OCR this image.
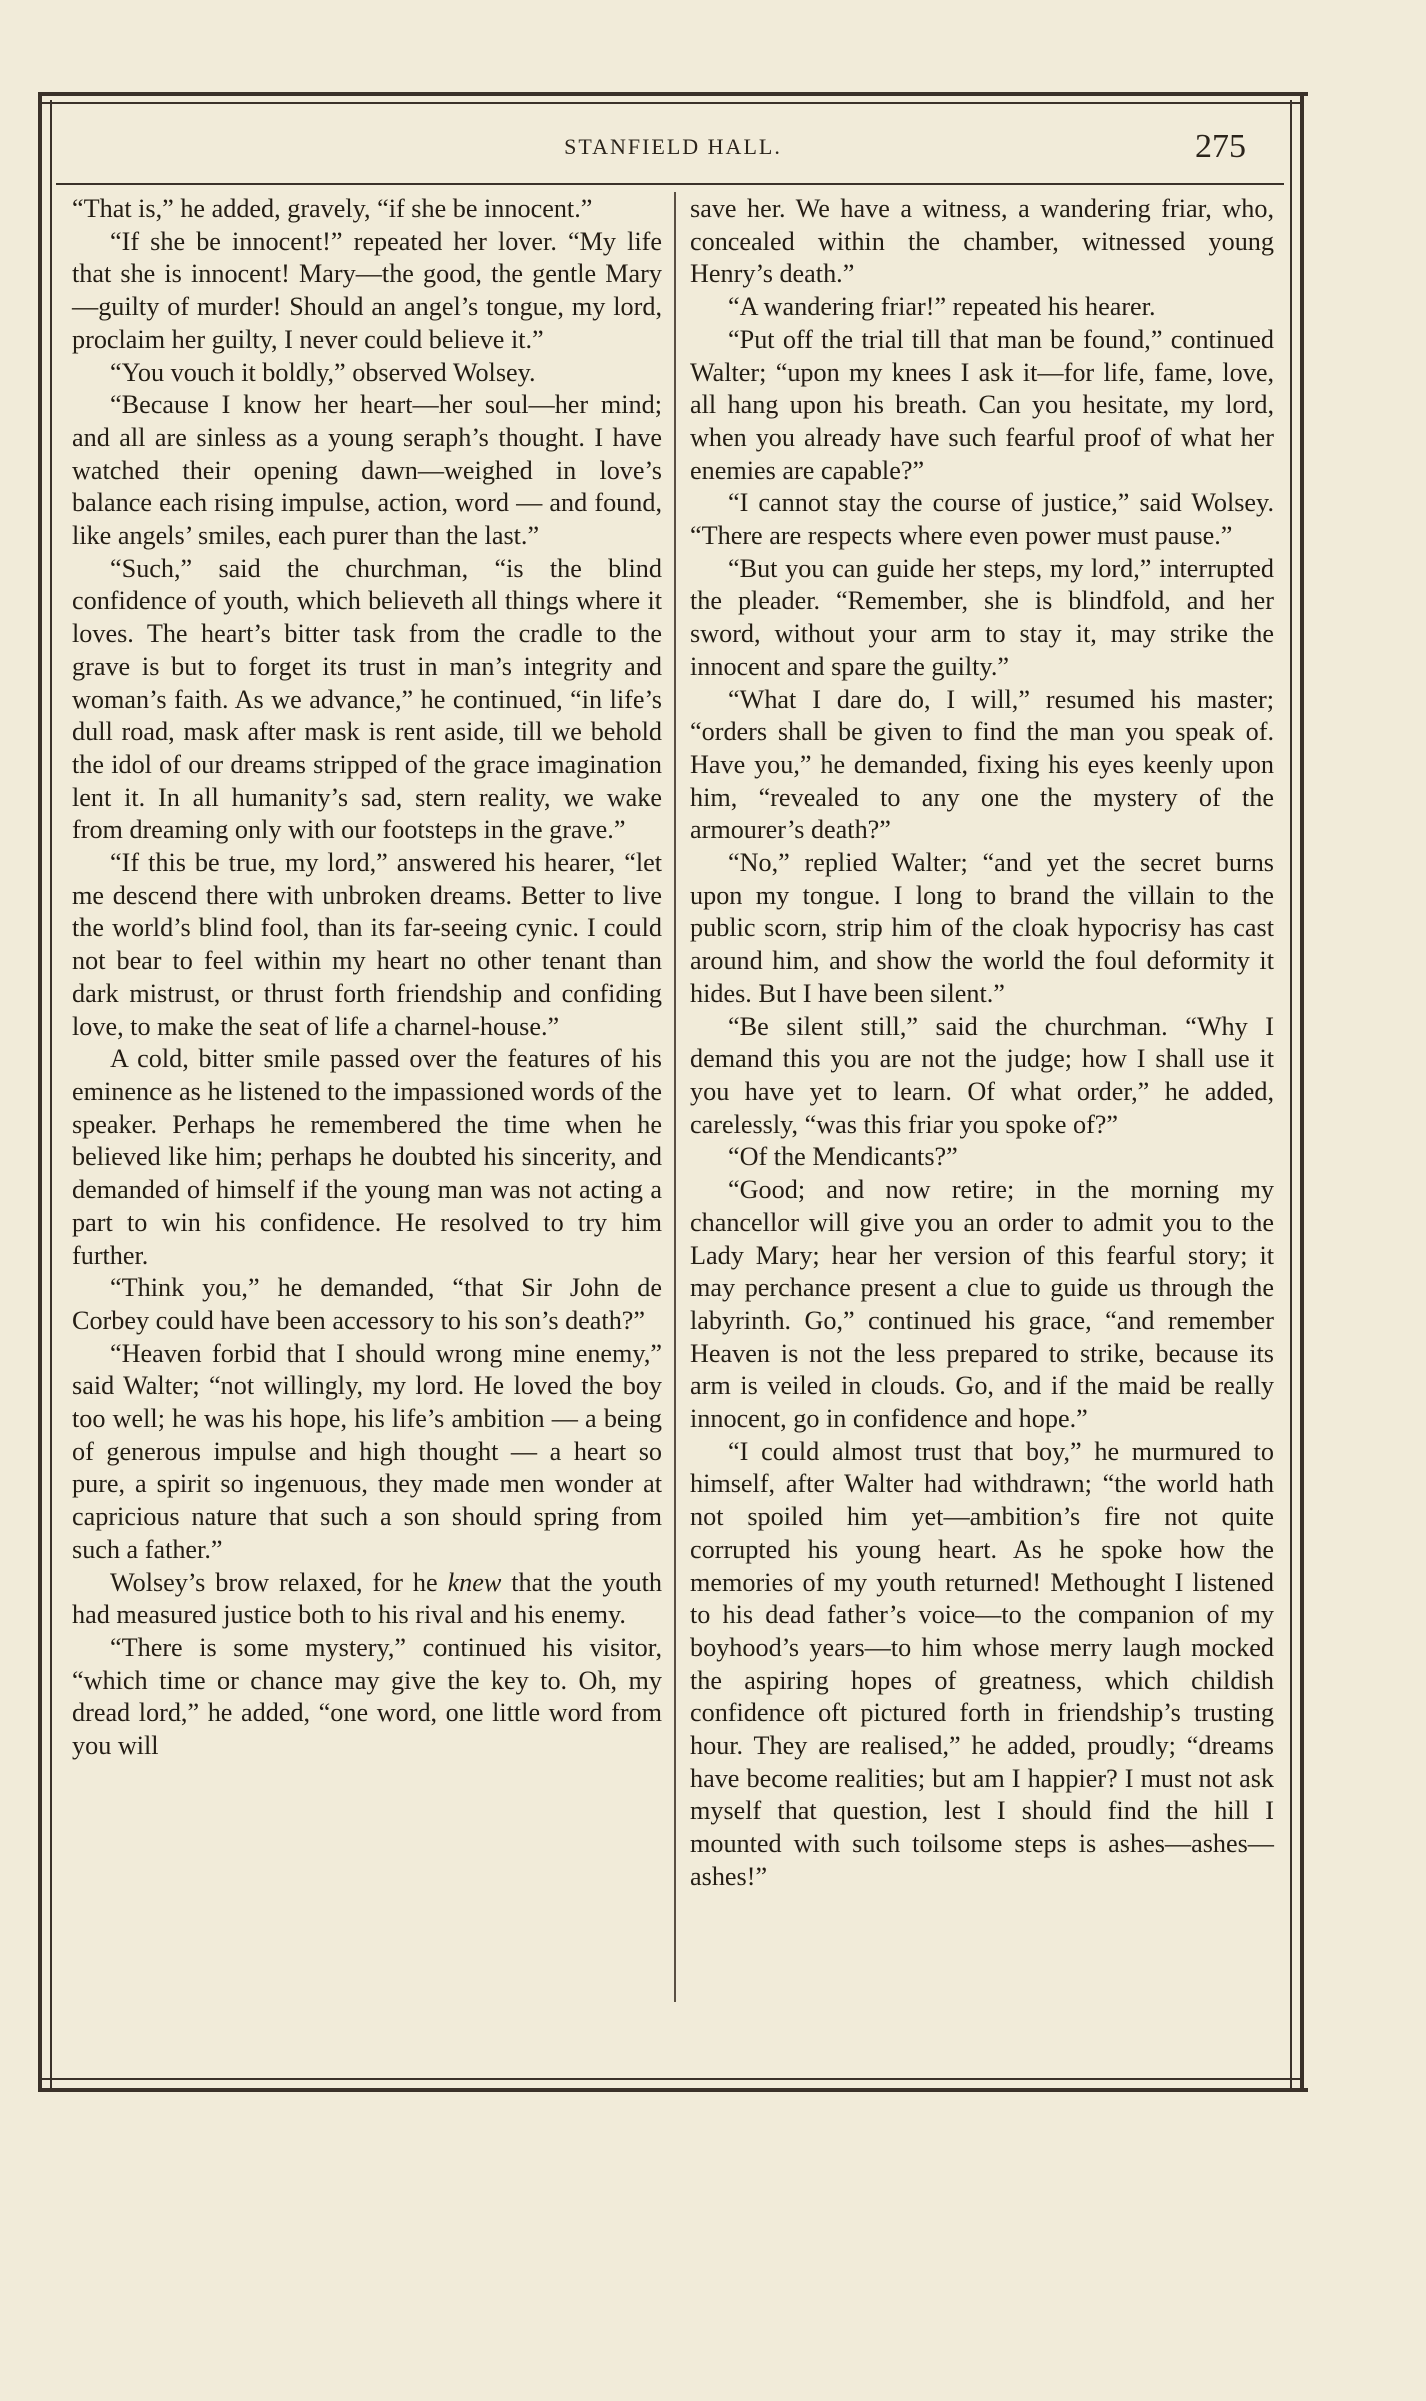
STANFIELD HALL.	275

“That is,” he added, gravely, “if she be innocent.”

“If she be innocent!” repeated her lover. “My life that she is innocent! Mary—the good, the gentle Mary—guilty of murder! Should an angel’s tongue, my lord, proclaim her guilty, I never could believe it.”

“You vouch it boldly,” observed Wolsey.

“Because I know her heart—her soul—her mind; and all are sinless as a young seraph’s thought. I have watched their opening dawn—weighed in love’s balance each rising impulse, action, word — and found, like angels’ smiles, each purer than the last.”

“Such,” said the churchman, “is the blind confidence of youth, which believeth all things where it loves. The heart’s bitter task from the cradle to the grave is but to forget its trust in man’s integrity and woman’s faith. As we advance,” he continued, “in life’s dull road, mask after mask is rent aside, till we behold the idol of our dreams stripped of the grace imagination lent it. In all humanity’s sad, stern reality, we wake from dreaming only with our footsteps in the grave.”

“If this be true, my lord,” answered his hearer, “let me descend there with unbroken dreams. Better to live the world’s blind fool, than its far-seeing cynic. I could not bear to feel within my heart no other tenant than dark mistrust, or thrust forth friendship and confiding love, to make the seat of life a charnel-house.”

A cold, bitter smile passed over the features of his eminence as he listened to the impassioned words of the speaker. Perhaps he remembered the time when he believed like him; perhaps he doubted his sincerity, and demanded of himself if the young man was not acting a part to win his confidence. He resolved to try him further.

“Think you,” he demanded, “that Sir John de Corbey could have been accessory to his son’s death?”

“Heaven forbid that I should wrong mine enemy,” said Walter; “not willingly, my lord. He loved the boy too well; he was his hope, his life’s ambition — a being of generous impulse and high thought — a heart so pure, a spirit so ingenuous, they made men wonder at capricious nature that such a son should spring from such a father.”

Wolsey’s brow relaxed, for he knew that the youth had measured justice both to his rival and his enemy.

“There is some mystery,” continued his visitor, “which time or chance may give the key to. Oh, my dread lord,” he added, “one word, one little word from you will

save her. We have a witness, a wandering friar, who, concealed within the chamber, witnessed young Henry’s death.”

“A wandering friar!” repeated his hearer.

“Put off the trial till that man be found,” continued Walter; “upon my knees I ask it—for life, fame, love, all hang upon his breath. Can you hesitate, my lord, when you already have such fearful proof of what her enemies are capable?”

“I cannot stay the course of justice,” said Wolsey. “There are respects where even power must pause.”

“But you can guide her steps, my lord,” interrupted the pleader. “Remember, she is blindfold, and her sword, without your arm to stay it, may strike the innocent and spare the guilty.”

“What I dare do, I will,” resumed his master; “orders shall be given to find the man you speak of. Have you,” he demanded, fixing his eyes keenly upon him, “revealed to any one the mystery of the armourer’s death?”

“No,” replied Walter; “and yet the secret burns upon my tongue. I long to brand the villain to the public scorn, strip him of the cloak hypocrisy has cast around him, and show the world the foul deformity it hides. But I have been silent.”

“Be silent still,” said the churchman. “Why I demand this you are not the judge; how I shall use it you have yet to learn. Of what order,” he added, carelessly, “was this friar you spoke of?”

“Of the Mendicants?”

“Good; and now retire; in the morning my chancellor will give you an order to admit you to the Lady Mary; hear her version of this fearful story; it may perchance present a clue to guide us through the labyrinth. Go,” continued his grace, “and remember Heaven is not the less prepared to strike, because its arm is veiled in clouds. Go, and if the maid be really innocent, go in confidence and hope.”

“I could almost trust that boy,” he murmured to himself, after Walter had withdrawn; “the world hath not spoiled him yet—ambition’s fire not quite corrupted his young heart. As he spoke how the memories of my youth returned! Methought I listened to his dead father’s voice—to the companion of my boyhood’s years—to him whose merry laugh mocked the aspiring hopes of greatness, which childish confidence oft pictured forth in friendship’s trusting hour. They are realised,” he added, proudly; “dreams have become realities; but am I happier? I must not ask myself that question, lest I should find the hill I mounted with such toilsome steps is ashes—ashes—ashes!”
